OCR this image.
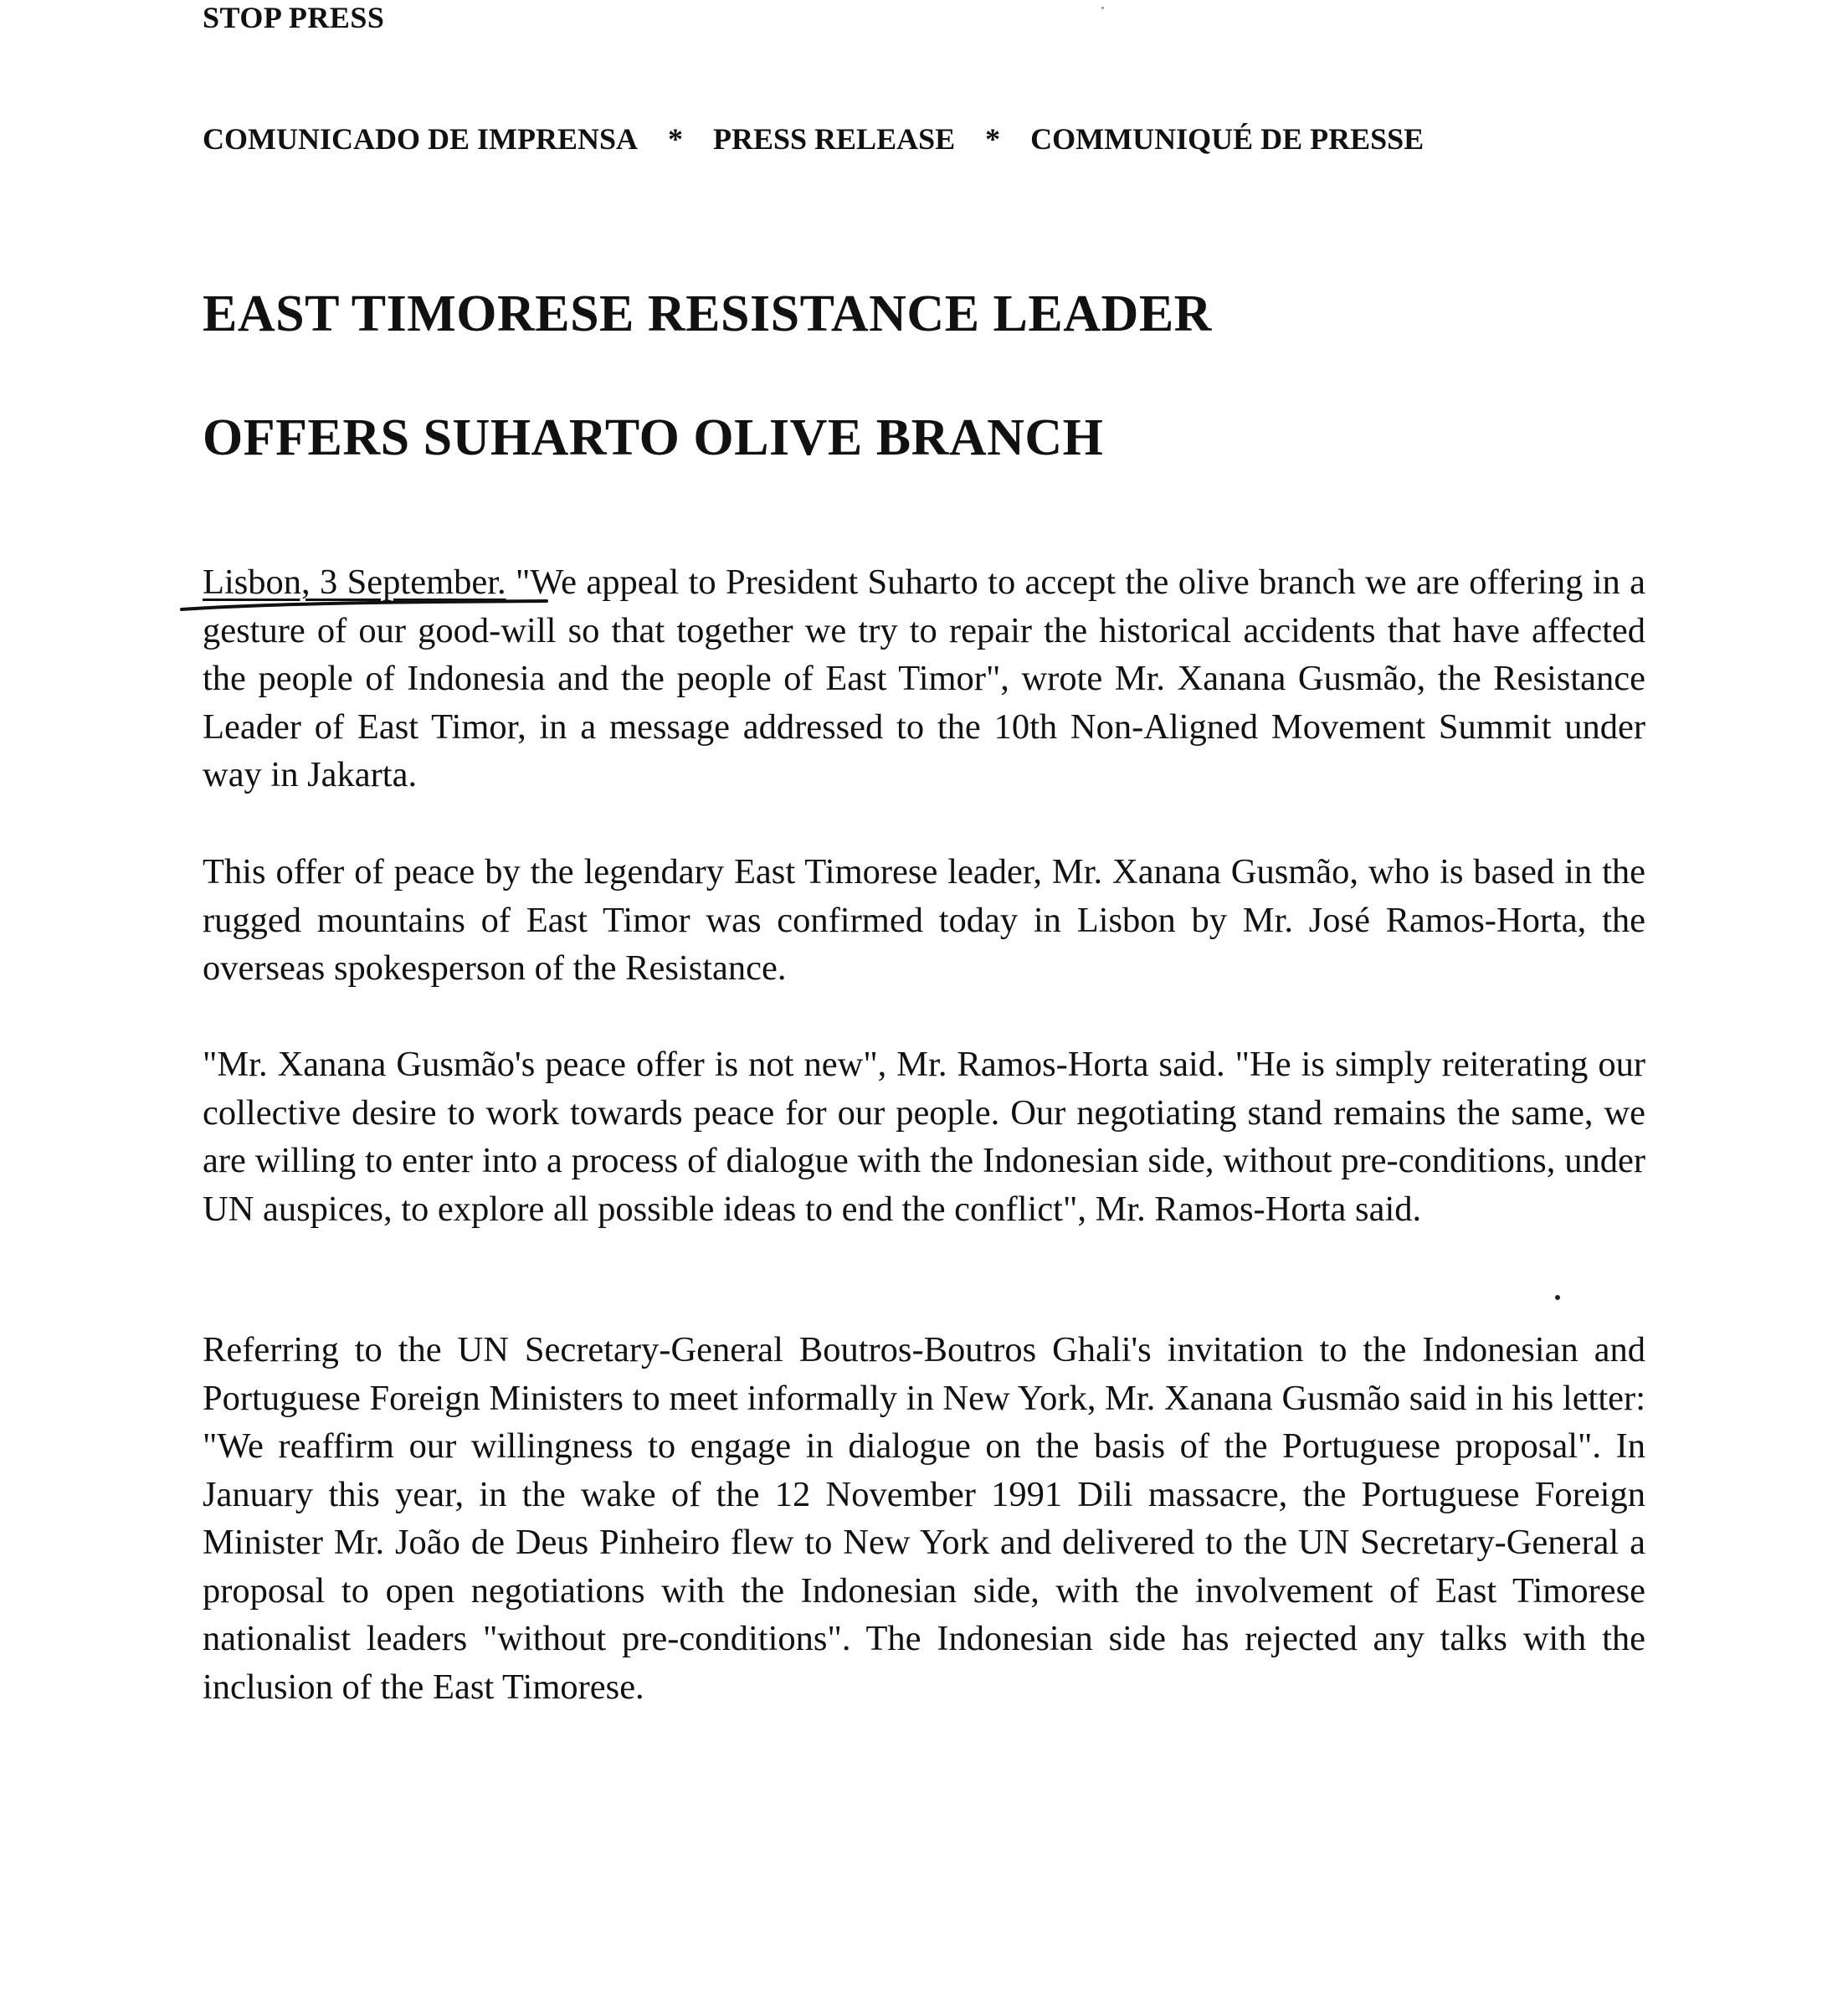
STOP PRESS
COMUNICADO DE IMPRENSA * PRESS RELEASE * COMMUNIQUÉ DE PRESSE
EAST TIMORESE RESISTANCE LEADER
OFFERS SUHARTO OLIVE BRANCH

Lisbon, 3 September. "We appeal to President Suharto to accept the olive branch we are offering in a gesture of our good-will so that together we try to repair the historical accidents that have affected the people of Indonesia and the people of East Timor", wrote Mr. Xanana Gusmão, the Resistance Leader of East Timor, in a message addressed to the 10th Non-Aligned Movement Summit under way in Jakarta.

This offer of peace by the legendary East Timorese leader, Mr. Xanana Gusmão, who is based in the rugged mountains of East Timor was confirmed today in Lisbon by Mr. José Ramos-Horta, the overseas spokesperson of the Resistance.

"Mr. Xanana Gusmão's peace offer is not new", Mr. Ramos-Horta said. "He is simply reiterating our collective desire to work towards peace for our people. Our negotiating stand remains the same, we are willing to enter into a process of dialogue with the Indonesian side, without pre-conditions, under UN auspices, to explore all possible ideas to end the conflict", Mr. Ramos-Horta said.

Referring to the UN Secretary-General Boutros-Boutros Ghali's invitation to the Indonesian and Portuguese Foreign Ministers to meet informally in New York, Mr. Xanana Gusmão said in his letter: "We reaffirm our willingness to engage in dialogue on the basis of the Portuguese proposal". In January this year, in the wake of the 12 November 1991 Dili massacre, the Portuguese Foreign Minister Mr. João de Deus Pinheiro flew to New York and delivered to the UN Secretary-General a proposal to open negotiations with the Indonesian side, with the involvement of East Timorese nationalist leaders "without pre-conditions". The Indonesian side has rejected any talks with the inclusion of the East Timorese.
